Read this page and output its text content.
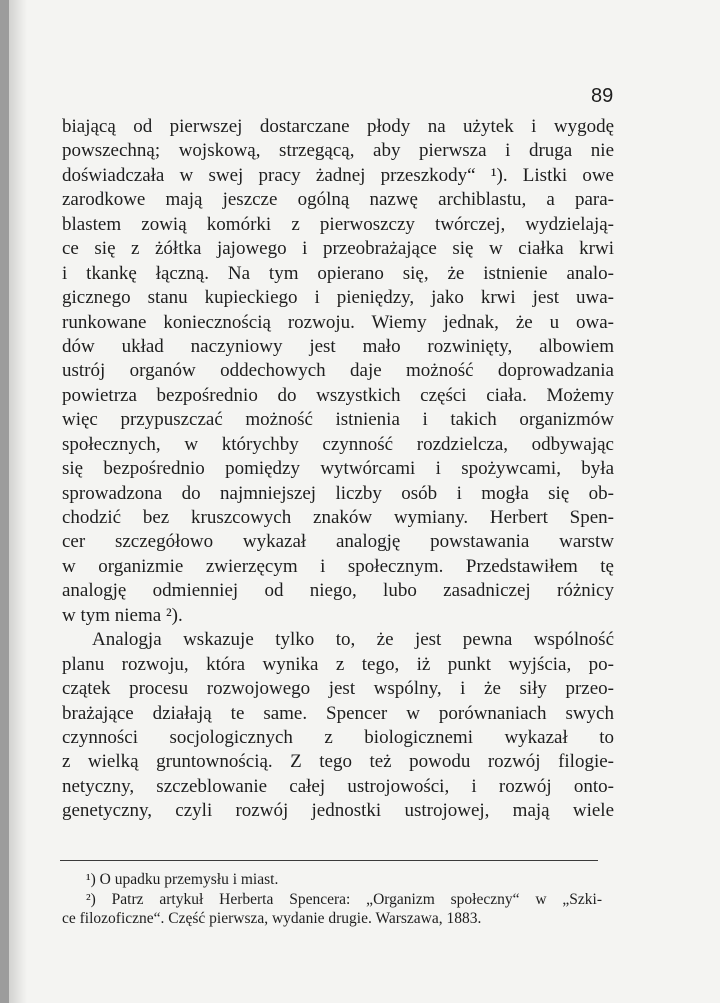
89
biającą od pierwszej dostarczane płody na użytek i wygodę
powszechną; wojskową, strzegącą, aby pierwsza i druga nie
doświadczała w swej pracy żadnej przeszkody“ ¹). Listki owe
zarodkowe mają jeszcze ogólną nazwę archiblastu, a para-
blastem zowią komórki z pierwoszczy twórczej, wydzielają-
ce się z żółtka jajowego i przeobrażające się w ciałka krwi
i tkankę łączną. Na tym opierano się, że istnienie analo-
gicznego stanu kupieckiego i pieniędzy, jako krwi jest uwa-
runkowane koniecznością rozwoju. Wiemy jednak, że u owa-
dów układ naczyniowy jest mało rozwinięty, albowiem
ustrój organów oddechowych daje możność doprowadzania
powietrza bezpośrednio do wszystkich części ciała. Możemy
więc przypuszczać możność istnienia i takich organizmów
społecznych, w którychby czynność rozdzielcza, odbywając
się bezpośrednio pomiędzy wytwórcami i spożywcami, była
sprowadzona do najmniejszej liczby osób i mogła się ob-
chodzić bez kruszcowych znaków wymiany. Herbert Spen-
cer szczegółowo wykazał analogję powstawania warstw
w organizmie zwierzęcym i społecznym. Przedstawiłem tę
analogję odmienniej od niego, lubo zasadniczej różnicy
w tym niema ²).
Analogja wskazuje tylko to, że jest pewna wspólność
planu rozwoju, która wynika z tego, iż punkt wyjścia, po-
czątek procesu rozwojowego jest wspólny, i że siły przeo-
brażające działają te same. Spencer w porównaniach swych
czynności socjologicznych z biologicznemi wykazał to
z wielką gruntownością. Z tego też powodu rozwój filogie-
netyczny, szczeblowanie całej ustrojowości, i rozwój onto-
genetyczny, czyli rozwój jednostki ustrojowej, mają wiele
¹) O upadku przemysłu i miast.
²) Patrz artykuł Herberta Spencera: „Organizm społeczny“ w „Szki-
ce filozoficzne“. Część pierwsza, wydanie drugie. Warszawa, 1883.
